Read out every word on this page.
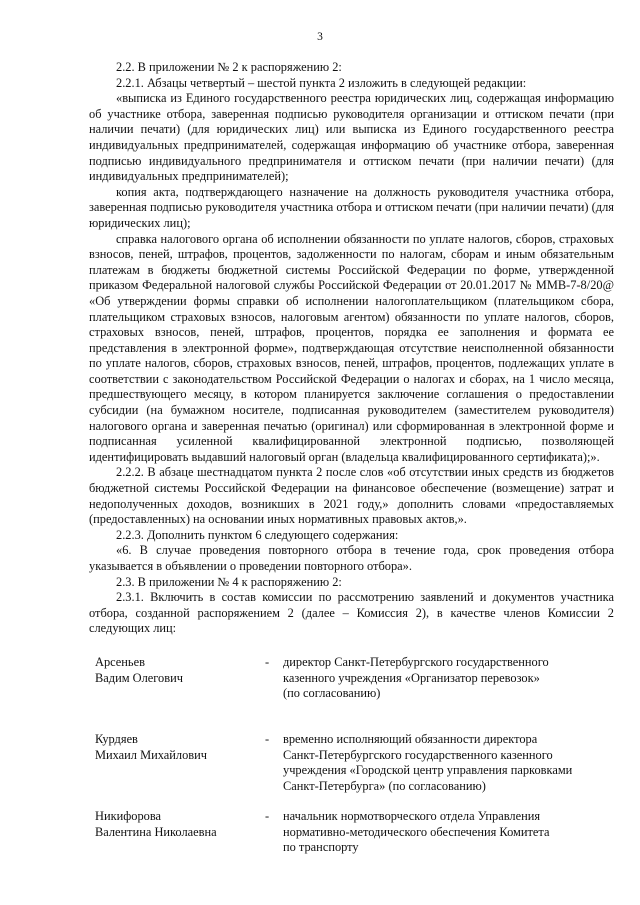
3

2.2. В приложении № 2 к распоряжению 2:

2.2.1. Абзацы четвертый – шестой пункта 2 изложить в следующей редакции:

«выписка из Единого государственного реестра юридических лиц, содержащая информацию об участнике отбора, заверенная подписью руководителя организации и оттиском печати (при наличии печати) (для юридических лиц) или выписка из Единого государственного реестра индивидуальных предпринимателей, содержащая информацию об участнике отбора, заверенная подписью индивидуального предпринимателя и оттиском печати (при наличии печати) (для индивидуальных предпринимателей);

копия акта, подтверждающего назначение на должность руководителя участника отбора, заверенная подписью руководителя участника отбора и оттиском печати (при наличии печати) (для юридических лиц);

справка налогового органа об исполнении обязанности по уплате налогов, сборов, страховых взносов, пеней, штрафов, процентов, задолженности по налогам, сборам и иным обязательным платежам в бюджеты бюджетной системы Российской Федерации по форме, утвержденной приказом Федеральной налоговой службы Российской Федерации от 20.01.2017 № ММВ-7-8/20@ «Об утверждении формы справки об исполнении налогоплательщиком (плательщиком сбора, плательщиком страховых взносов, налоговым агентом) обязанности по уплате налогов, сборов, страховых взносов, пеней, штрафов, процентов, порядка ее заполнения и формата ее представления в электронной форме», подтверждающая отсутствие неисполненной обязанности по уплате налогов, сборов, страховых взносов, пеней, штрафов, процентов, подлежащих уплате в соответствии с законодательством Российской Федерации о налогах и сборах, на 1 число месяца, предшествующего месяцу, в котором планируется заключение соглашения о предоставлении субсидии (на бумажном носителе, подписанная руководителем (заместителем руководителя) налогового органа и заверенная печатью (оригинал) или сформированная в электронной форме и подписанная усиленной квалифицированной электронной подписью, позволяющей идентифицировать выдавший налоговый орган (владельца квалифицированного сертификата);».

2.2.2. В абзаце шестнадцатом пункта 2 после слов «об отсутствии иных средств из бюджетов бюджетной системы Российской Федерации на финансовое обеспечение (возмещение) затрат и недополученных доходов, возникших в 2021 году,» дополнить словами «предоставляемых (предоставленных) на основании иных нормативных правовых актов,».

2.2.3. Дополнить пунктом 6 следующего содержания:

«6. В случае проведения повторного отбора в течение года, срок проведения отбора указывается в объявлении о проведении повторного отбора».

2.3. В приложении № 4 к распоряжению 2:

2.3.1. Включить в состав комиссии по рассмотрению заявлений и документов участника отбора, созданной распоряжением 2 (далее – Комиссия 2), в качестве членов Комиссии 2 следующих лиц:

Арсеньев
Вадим Олегович
- директор Санкт-Петербургского государственного
казенного учреждения «Организатор перевозок»
(по согласованию)
Курдяев
Михаил Михайлович
- временно исполняющий обязанности директора
Санкт-Петербургского государственного казенного
учреждения «Городской центр управления парковками
Санкт-Петербурга» (по согласованию)
Никифорова
Валентина Николаевна
- начальник нормотворческого отдела Управления
нормативно-методического обеспечения Комитета
по транспорту
